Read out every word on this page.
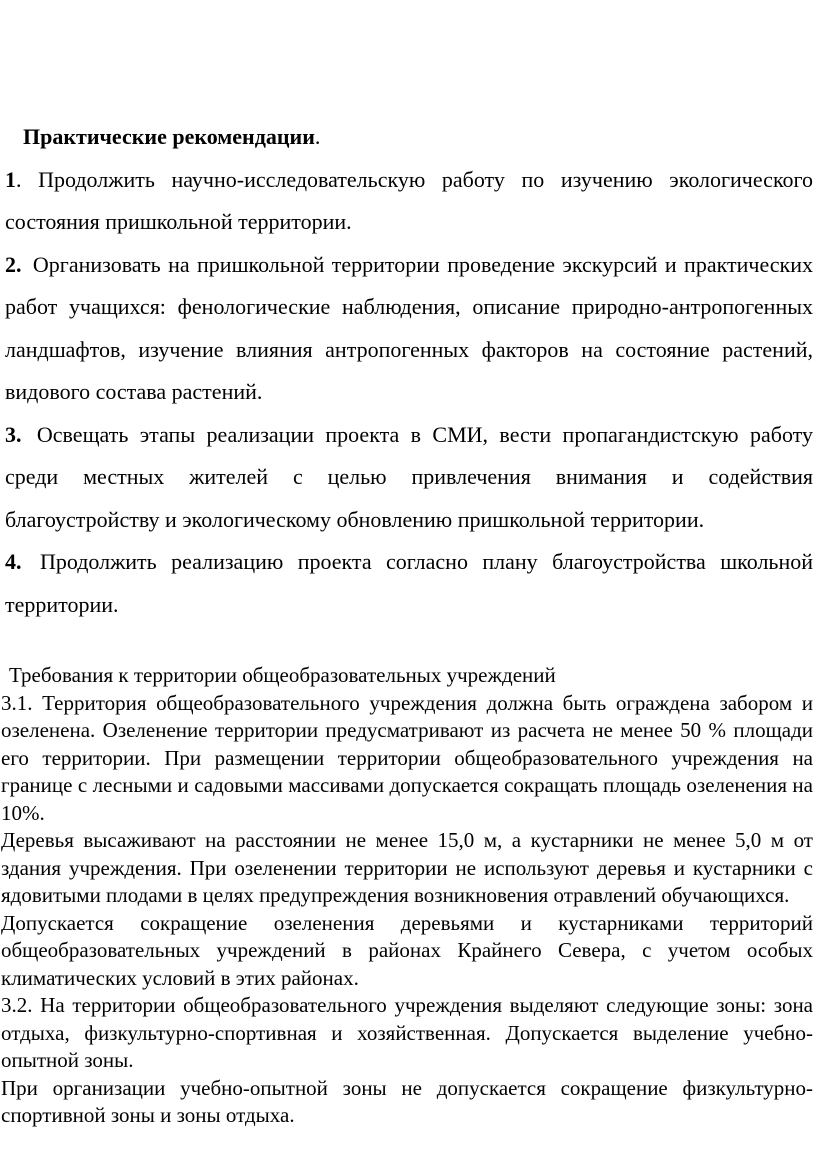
Практические рекомендации.

1. Продолжить научно-исследовательскую работу по изучению экологического состояния пришкольной территории.

2. Организовать на пришкольной территории проведение экскурсий и практических работ учащихся: фенологические наблюдения, описание природно-антропогенных ландшафтов, изучение влияния антропогенных факторов на состояние растений, видового состава растений.

3. Освещать этапы реализации проекта в СМИ, вести пропагандистскую работу среди местных жителей с целью привлечения внимания и содействия благоустройству и экологическому обновлению пришкольной территории.

4. Продолжить реализацию проекта согласно плану благоустройства школьной территории.

Требования к территории общеобразовательных учреждений

3.1. Территория общеобразовательного учреждения должна быть ограждена забором и озеленена. Озеленение территории предусматривают из расчета не менее 50 % площади его территории. При размещении территории общеобразовательного учреждения на границе с лесными и садовыми массивами допускается сокращать площадь озеленения на 10%.

Деревья высаживают на расстоянии не менее 15,0 м, а кустарники не менее 5,0 м от здания учреждения. При озеленении территории не используют деревья и кустарники с ядовитыми плодами в целях предупреждения возникновения отравлений обучающихся.

Допускается сокращение озеленения деревьями и кустарниками территорий общеобразовательных учреждений в районах Крайнего Севера, с учетом особых климатических условий в этих районах.

3.2. На территории общеобразовательного учреждения выделяют следующие зоны: зона отдыха, физкультурно-спортивная и хозяйственная. Допускается выделение учебно-опытной зоны.

При организации учебно-опытной зоны не допускается сокращение физкультурно- спортивной зоны и зоны отдыха.
